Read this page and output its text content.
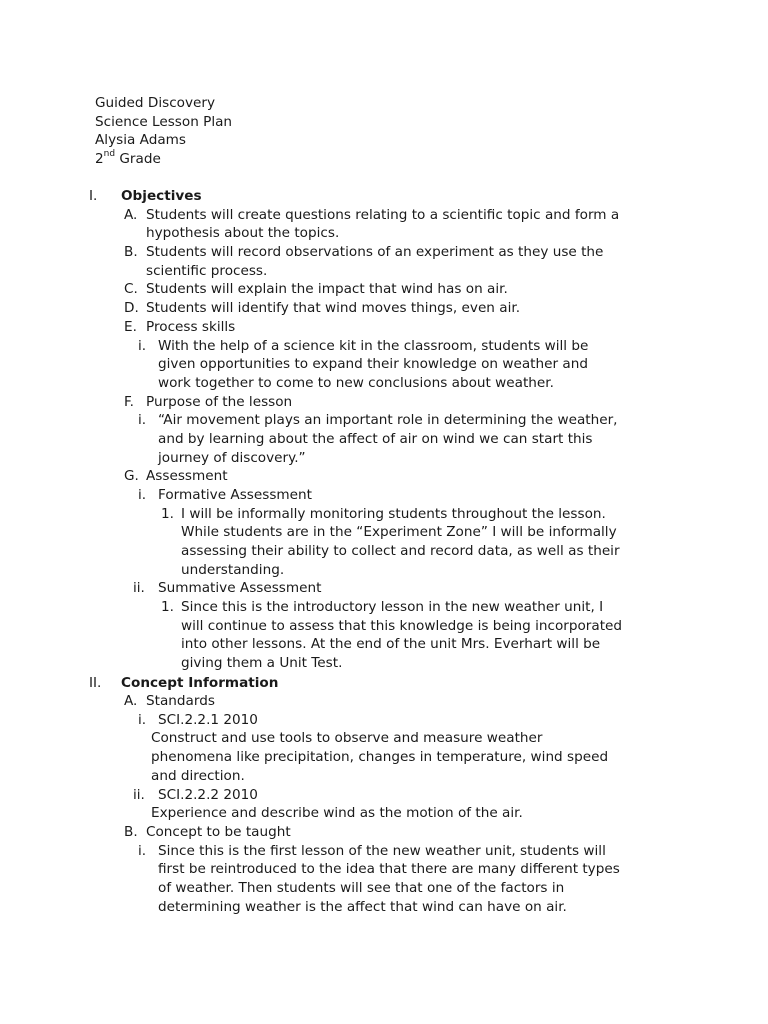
Guided Discovery
Science Lesson Plan
Alysia Adams
2nd Grade
I. Objectives
A. Students will create questions relating to a scientific topic and form a
hypothesis about the topics.
B. Students will record observations of an experiment as they use the
scientific process.
C. Students will explain the impact that wind has on air.
D. Students will identify that wind moves things, even air.
E. Process skills
i. With the help of a science kit in the classroom, students will be
given opportunities to expand their knowledge on weather and
work together to come to new conclusions about weather.
F. Purpose of the lesson
i. “Air movement plays an important role in determining the weather,
and by learning about the affect of air on wind we can start this
journey of discovery.”
G. Assessment
i. Formative Assessment
1. I will be informally monitoring students throughout the lesson.
While students are in the “Experiment Zone” I will be informally
assessing their ability to collect and record data, as well as their
understanding.
ii. Summative Assessment
1. Since this is the introductory lesson in the new weather unit, I
will continue to assess that this knowledge is being incorporated
into other lessons. At the end of the unit Mrs. Everhart will be
giving them a Unit Test.
II. Concept Information
A. Standards
i. SCI.2.2.1 2010
Construct and use tools to observe and measure weather
phenomena like precipitation, changes in temperature, wind speed
and direction.
ii. SCI.2.2.2 2010
Experience and describe wind as the motion of the air.
B. Concept to be taught
i. Since this is the first lesson of the new weather unit, students will
first be reintroduced to the idea that there are many different types
of weather. Then students will see that one of the factors in
determining weather is the affect that wind can have on air.
